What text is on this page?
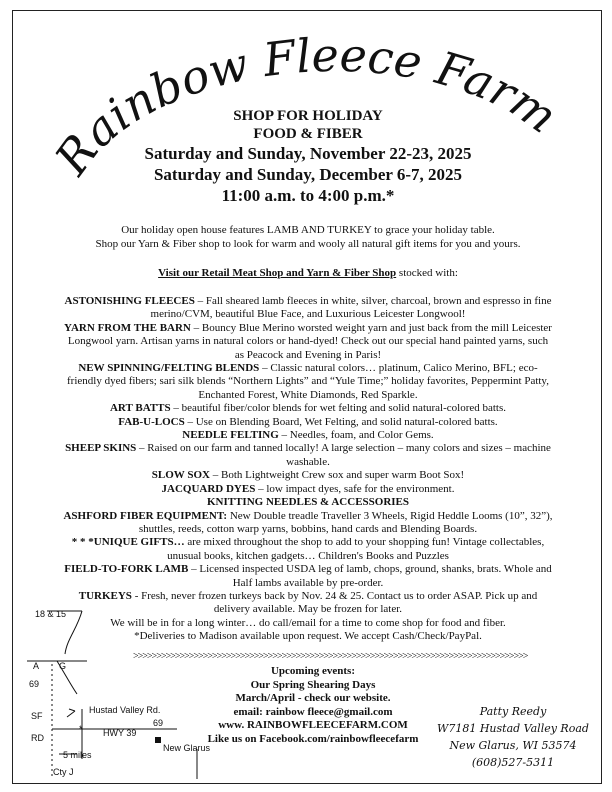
Rainbow Fleece Farm
SHOP FOR HOLIDAY
FOOD & FIBER
Saturday and Sunday, November 22-23, 2025
Saturday and Sunday, December 6-7, 2025
11:00 a.m. to 4:00 p.m.*
Our holiday open house features LAMB AND TURKEY to grace your holiday table.
Shop our Yarn & Fiber shop to look for warm and wooly all natural gift items for you and yours.
Visit our Retail Meat Shop and Yarn & Fiber Shop stocked with:
ASTONISHING FLEECES – Fall sheared lamb fleeces in white, silver, charcoal, brown and espresso in fine merino/CVM, beautiful Blue Face, and Luxurious Leicester Longwool!
YARN FROM THE BARN – Bouncy Blue Merino worsted weight yarn and just back from the mill Leicester Longwool yarn. Artisan yarns in natural colors or hand-dyed! Check out our special hand painted yarns, such as Peacock and Evening in Paris!
NEW SPINNING/FELTING BLENDS – Classic natural colors… platinum, Calico Merino, BFL; eco-friendly dyed fibers; sari silk blends “Northern Lights” and “Yule Time;” holiday favorites, Peppermint Patty, Enchanted Forest, White Diamonds, Red Sparkle.
ART BATTS – beautiful fiber/color blends for wet felting and solid natural-colored batts.
FAB-U-LOCS – Use on Blending Board, Wet Felting, and solid natural-colored batts.
NEEDLE FELTING – Needles, foam, and Color Gems.
SHEEP SKINS – Raised on our farm and tanned locally! A large selection – many colors and sizes – machine washable.
SLOW SOX – Both Lightweight Crew sox and super warm Boot Sox!
JACQUARD DYES – low impact dyes, safe for the environment.
KNITTING NEEDLES & ACCESSORIES
ASHFORD FIBER EQUIPMENT: New Double treadle Traveller 3 Wheels, Rigid Heddle Looms (10”, 32”), shuttles, reeds, cotton warp yarns, bobbins, hand cards and Blending Boards.
* * *UNIQUE GIFTS… are mixed throughout the shop to add to your shopping fun! Vintage collectables, unusual books, kitchen gadgets… Children's Books and Puzzles
FIELD-TO-FORK LAMB – Licensed inspected USDA leg of lamb, chops, ground, shanks, brats. Whole and Half lambs available by pre-order.
TURKEYS - Fresh, never frozen turkeys back by Nov. 24 & 25. Contact us to order ASAP. Pick up and delivery available. May be frozen for later.
We will be in for a long winter… do call/email for a time to come shop for food and fiber.
*Deliveries to Madison available upon request. We accept Cash/Check/PayPal.
>>>>>>>>>>>>>>>>>>>>>>>>>>>>>>>>>>>>>>>>>>>>>>>>>>>>>>>>>>>>>>>>>>>>>>>>>>>>>>>>>>>>>
Upcoming events:
Our Spring Shearing Days
March/April - check our website.
email: rainbow fleece@gmail.com
www. RAINBOWFLEECEFARM.COM
Like us on Facebook.com/rainbowfleecefarm
Patty Reedy
W7181 Hustad Valley Road
New Glarus, WI 53574
(608)527-5311
18 & 15
A G
69
Hustad Valley Rd.
SF
RD	HWY 39
69
New Glarus
5 miles
Cty J
*
